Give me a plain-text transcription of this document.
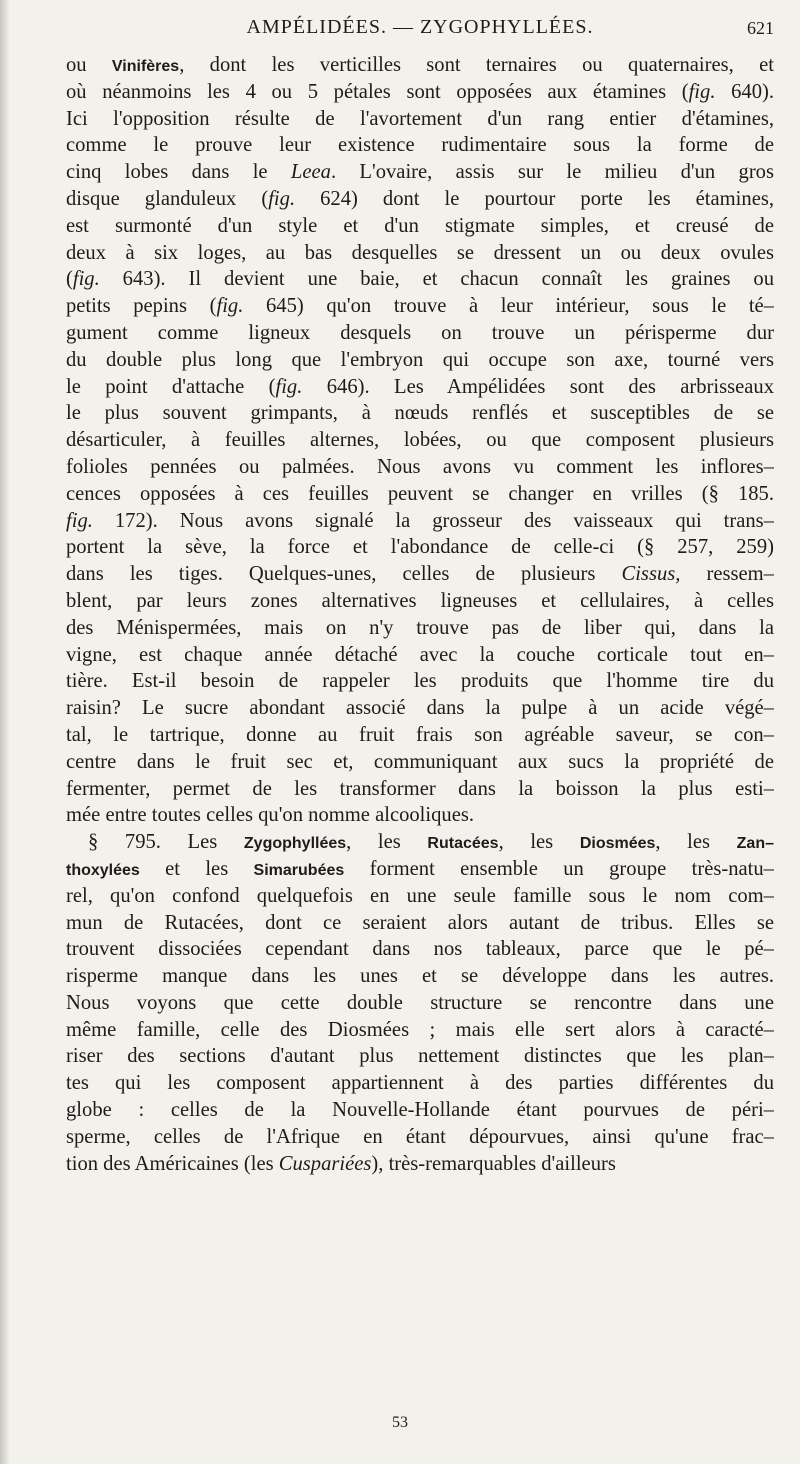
AMPÉLIDÉES. — ZYGOPHYLLÉES.	621
ou Vinifères, dont les verticilles sont ternaires ou quaternaires, et
où néanmoins les 4 ou 5 pétales sont opposées aux étamines (fig. 640).
Ici l'opposition résulte de l'avortement d'un rang entier d'étamines,
comme le prouve leur existence rudimentaire sous la forme de
cinq lobes dans le Leea. L'ovaire, assis sur le milieu d'un gros
disque glanduleux (fig. 624) dont le pourtour porte les étamines,
est surmonté d'un style et d'un stigmate simples, et creusé de
deux à six loges, au bas desquelles se dressent un ou deux ovules
(fig. 643). Il devient une baie, et chacun connaît les graines ou
petits pepins (fig. 645) qu'on trouve à leur intérieur, sous le té–
gument comme ligneux desquels on trouve un périsperme dur
du double plus long que l'embryon qui occupe son axe, tourné vers
le point d'attache (fig. 646). Les Ampélidées sont des arbrisseaux
le plus souvent grimpants, à nœuds renflés et susceptibles de se
désarticuler, à feuilles alternes, lobées, ou que composent plusieurs
folioles pennées ou palmées. Nous avons vu comment les inflores–
cences opposées à ces feuilles peuvent se changer en vrilles (§ 185.
fig. 172). Nous avons signalé la grosseur des vaisseaux qui trans–
portent la sève, la force et l'abondance de celle-ci (§ 257, 259)
dans les tiges. Quelques-unes, celles de plusieurs Cissus, ressem–
blent, par leurs zones alternatives ligneuses et cellulaires, à celles
des Ménispermées, mais on n'y trouve pas de liber qui, dans la
vigne, est chaque année détaché avec la couche corticale tout en–
tière. Est-il besoin de rappeler les produits que l'homme tire du
raisin? Le sucre abondant associé dans la pulpe à un acide végé–
tal, le tartrique, donne au fruit frais son agréable saveur, se con–
centre dans le fruit sec et, communiquant aux sucs la propriété de
fermenter, permet de les transformer dans la boisson la plus esti–
mée entre toutes celles qu'on nomme alcooliques.
§ 795. Les Zygophyllées, les Rutacées, les Diosmées, les Zan–
thoxylées et les Simarubées forment ensemble un groupe très-natu–
rel, qu'on confond quelquefois en une seule famille sous le nom com–
mun de Rutacées, dont ce seraient alors autant de tribus. Elles se
trouvent dissociées cependant dans nos tableaux, parce que le pé–
risperme manque dans les unes et se développe dans les autres.
Nous voyons que cette double structure se rencontre dans une
même famille, celle des Diosmées ; mais elle sert alors à caracté–
riser des sections d'autant plus nettement distinctes que les plan–
tes qui les composent appartiennent à des parties différentes du
globe : celles de la Nouvelle-Hollande étant pourvues de péri–
sperme, celles de l'Afrique en étant dépourvues, ainsi qu'une frac–
tion des Américaines (les Cuspariées), très-remarquables d'ailleurs
53
